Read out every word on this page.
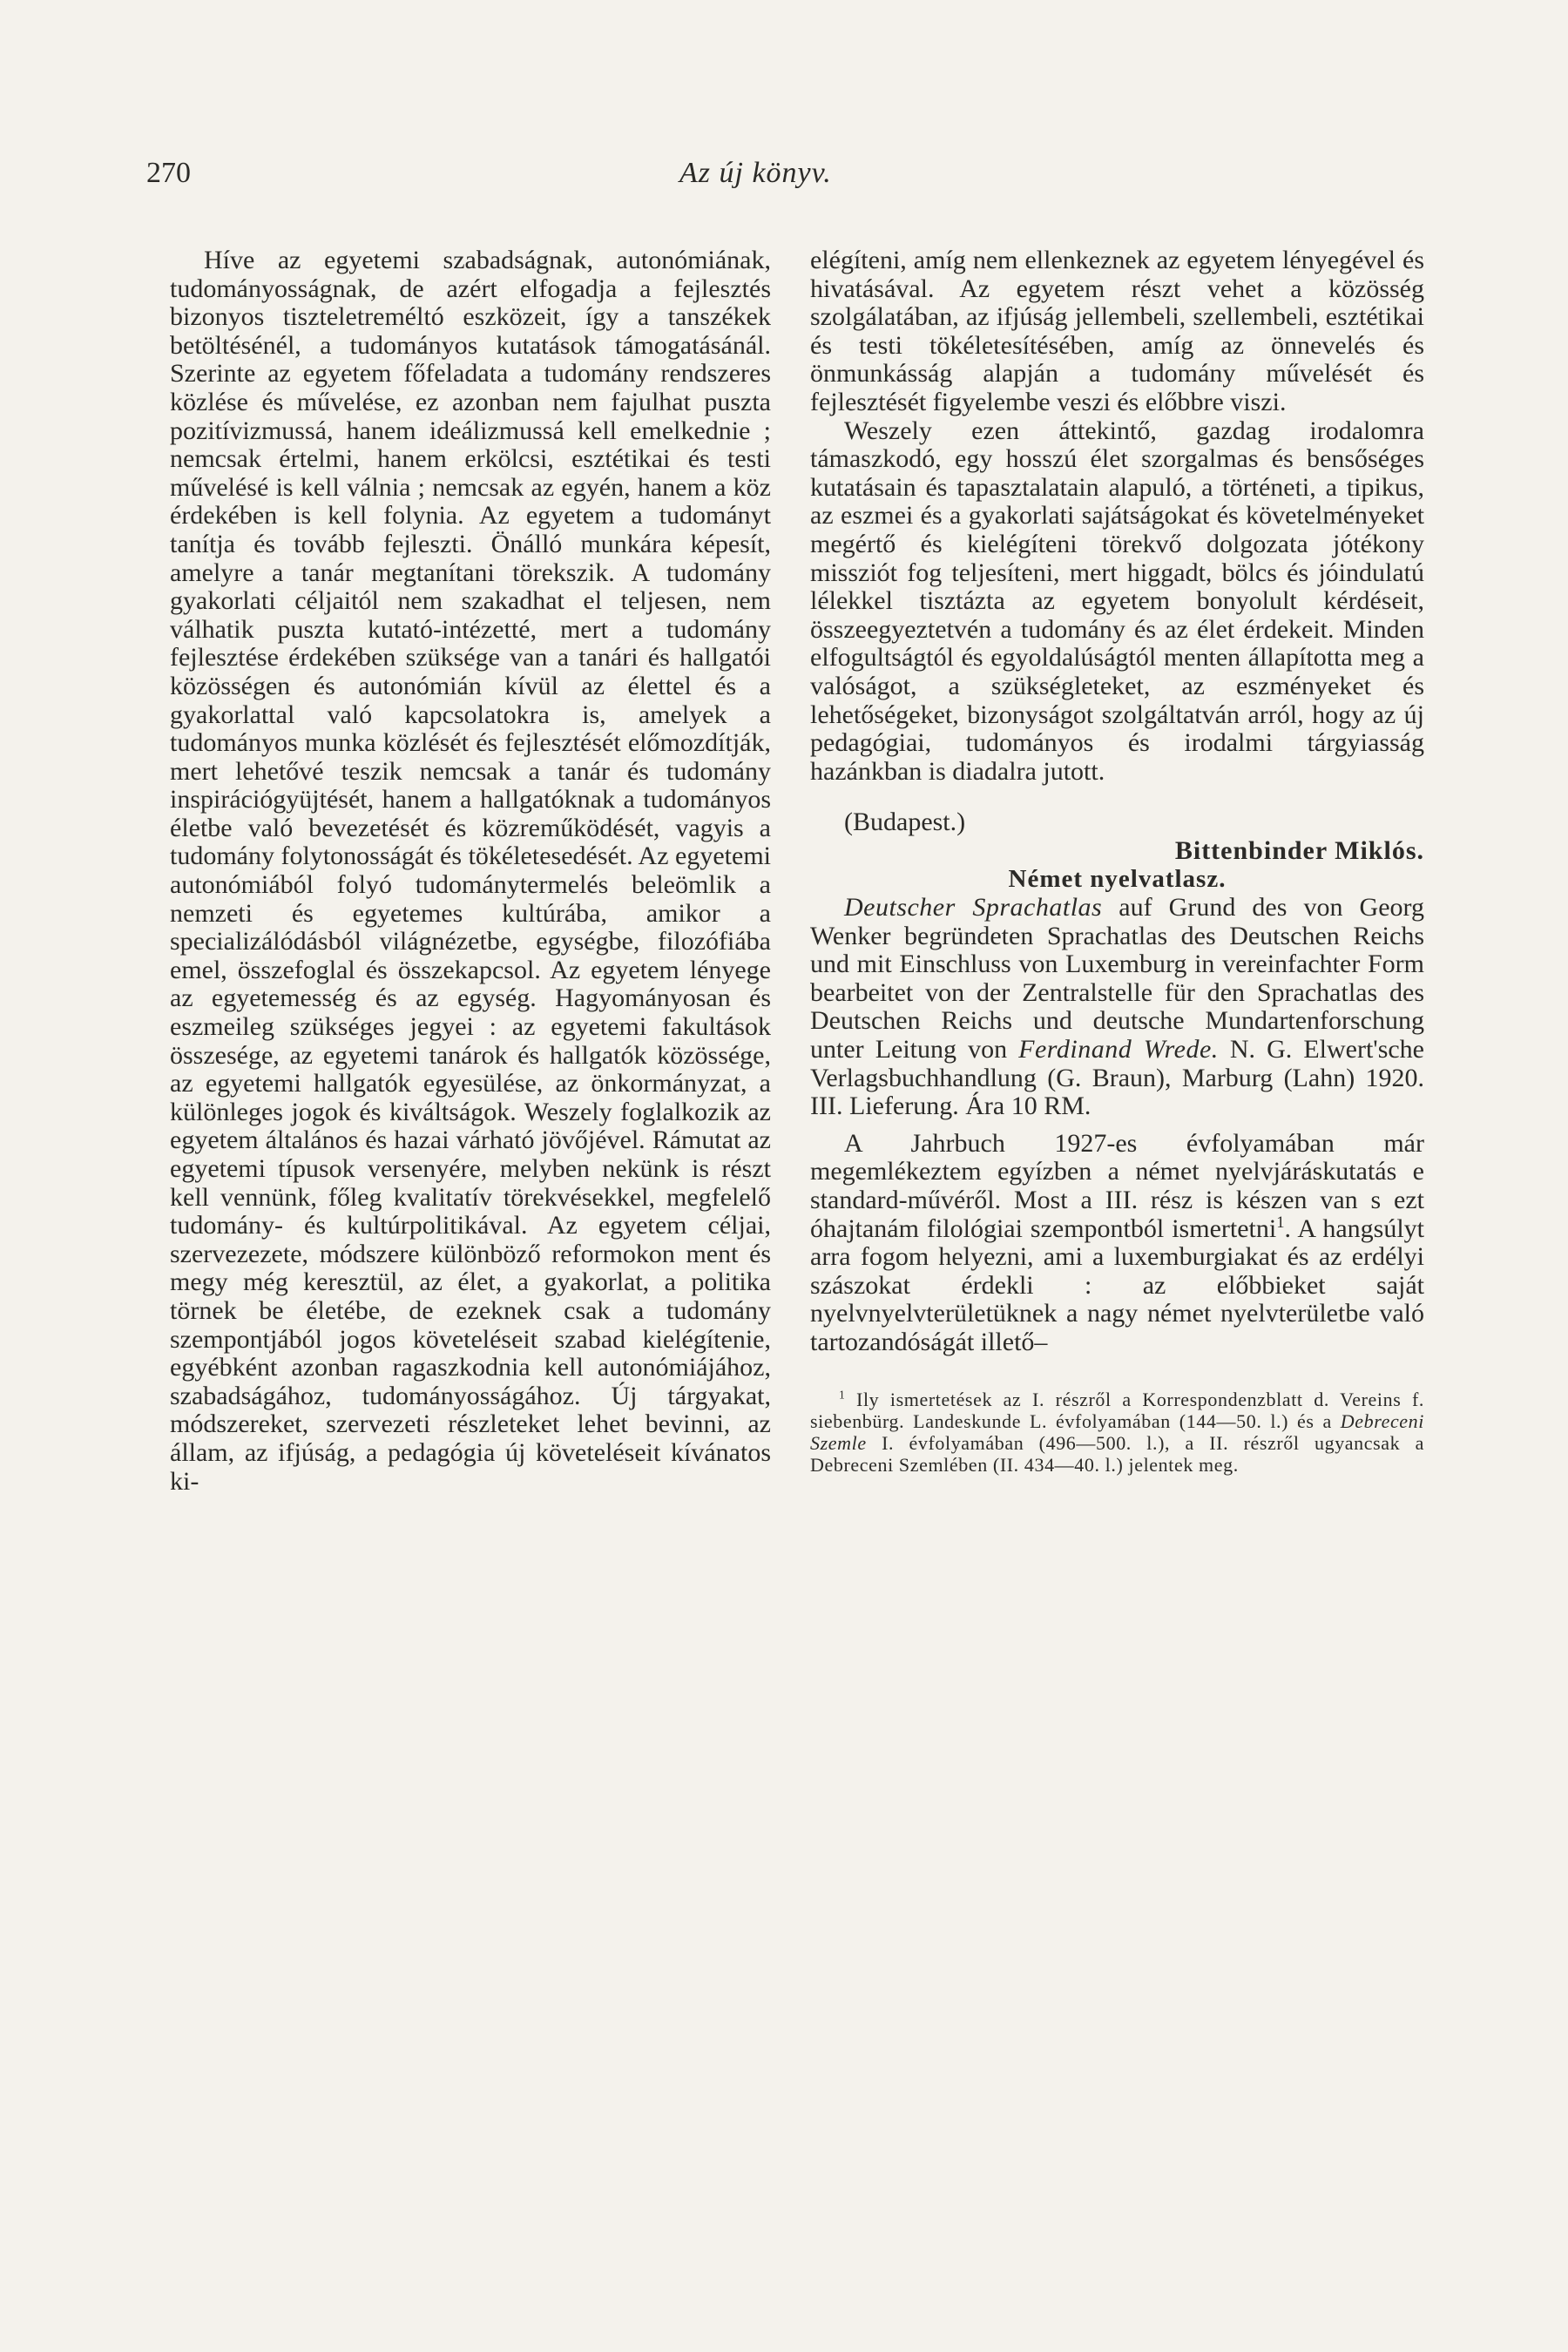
270	Az új könyv.

Híve az egyetemi szabadságnak, autonómiának, tudományosságnak, de azért elfogadja a fejlesztés bizonyos tiszteletreméltó eszközeit, így a tanszékek betöltésénél, a tudományos kutatások támogatásánál. Szerinte az egyetem főfeladata a tudomány rendszeres közlése és művelése, ez azonban nem fajulhat puszta pozitívizmussá, hanem ideálizmussá kell emelkednie ; nemcsak értelmi, hanem erkölcsi, esztétikai és testi művelésé is kell válnia ; nemcsak az egyén, hanem a köz érdekében is kell folynia. Az egyetem a tudományt tanítja és tovább fejleszti. Önálló munkára képesít, amelyre a tanár megtanítani törekszik. A tudomány gyakorlati céljaitól nem szakadhat el teljesen, nem válhatik puszta kutató-intézetté, mert a tudomány fejlesztése érdekében szüksége van a tanári és hallgatói közösségen és autonómián kívül az élettel és a gyakorlattal való kapcsolatokra is, amelyek a tudományos munka közlését és fejlesztését előmozdítják, mert lehetővé teszik nemcsak a tanár és tudomány inspirációgyüjtését, hanem a hallgatóknak a tudományos életbe való bevezetését és közreműködését, vagyis a tudomány folytonosságát és tökéletesedését. Az egyetemi autonómiából folyó tudománytermelés beleömlik a nemzeti és egyetemes kultúrába, amikor a specializálódásból világnézetbe, egységbe, filozófiába emel, összefoglal és összekapcsol. Az egyetem lényege az egyetemesség és az egység. Hagyományosan és eszmeileg szükséges jegyei : az egyetemi fakultások összesége, az egyetemi tanárok és hallgatók közössége, az egyetemi hallgatók egyesülése, az önkormányzat, a különleges jogok és kiváltságok. Weszely foglalkozik az egyetem általános és hazai várható jövőjével. Rámutat az egyetemi típusok versenyére, melyben nekünk is részt kell vennünk, főleg kvalitatív törekvésekkel, megfelelő tudomány- és kultúrpolitikával. Az egyetem céljai, szervezezete, módszere különböző reformokon ment és megy még keresztül, az élet, a gyakorlat, a politika törnek be életébe, de ezeknek csak a tudomány szempontjából jogos követeléseit szabad kielégítenie, egyébként azonban ragaszkodnia kell autonómiájához, szabadságához, tudományosságához. Új tárgyakat, módszereket, szervezeti részleteket lehet bevinni, az állam, az ifjúság, a pedagógia új követeléseit kívánatos ki-

elégíteni, amíg nem ellenkeznek az egyetem lényegével és hivatásával. Az egyetem részt vehet a közösség szolgálatában, az ifjúság jellembeli, szellembeli, esztétikai és testi tökéletesítésében, amíg az önnevelés és önmunkásság alapján a tudomány művelését és fejlesztését figyelembe veszi és előbbre viszi.

Weszely ezen áttekintő, gazdag irodalomra támaszkodó, egy hosszú élet szorgalmas és bensőséges kutatásain és tapasztalatain alapuló, a történeti, a tipikus, az eszmei és a gyakorlati sajátságokat és követelményeket megértő és kielégíteni törekvő dolgozata jótékony missziót fog teljesíteni, mert higgadt, bölcs és jóindulatú lélekkel tisztázta az egyetem bonyolult kérdéseit, összeegyeztetvén a tudomány és az élet érdekeit. Minden elfogultságtól és egyoldalúságtól menten állapította meg a valóságot, a szükségleteket, az eszményeket és lehetőségeket, bizonyságot szolgáltatván arról, hogy az új pedagógiai, tudományos és irodalmi tárgyiasság hazánkban is diadalra jutott.

(Budapest.)

Bittenbinder Miklós.

Német nyelvatlasz.

Deutscher Sprachatlas auf Grund des von Georg Wenker begründeten Sprachatlas des Deutschen Reichs und mit Einschluss von Luxemburg in vereinfachter Form bearbeitet von der Zentralstelle für den Sprachatlas des Deutschen Reichs und deutsche Mundartenforschung unter Leitung von Ferdinand Wrede. N. G. Elwert'sche Verlagsbuchhandlung (G. Braun), Marburg (Lahn) 1920. III. Lieferung. Ára 10 RM.

A Jahrbuch 1927-es évfolyamában már megemlékeztem egyízben a német nyelvjáráskutatás e standard-művéről. Most a III. rész is készen van s ezt óhajtanám filológiai szempontból ismertetni$^1$. A hangsúlyt arra fogom helyezni, ami a luxemburgiakat és az erdélyi szászokat érdekli : az előbbieket saját nyelvnyelvterületüknek a nagy német nyelvterületbe való tartozandóságát illető–

$^1$ Ily ismertetések az I. részről a Korrespondenzblatt d. Vereins f. siebenbürg. Landeskunde L. évfolyamában (144—50. l.) és a Debreceni Szemle I. évfolyamában (496—500. l.), a II. részről ugyancsak a Debreceni Szemlében (II. 434—40. l.) jelentek meg.
